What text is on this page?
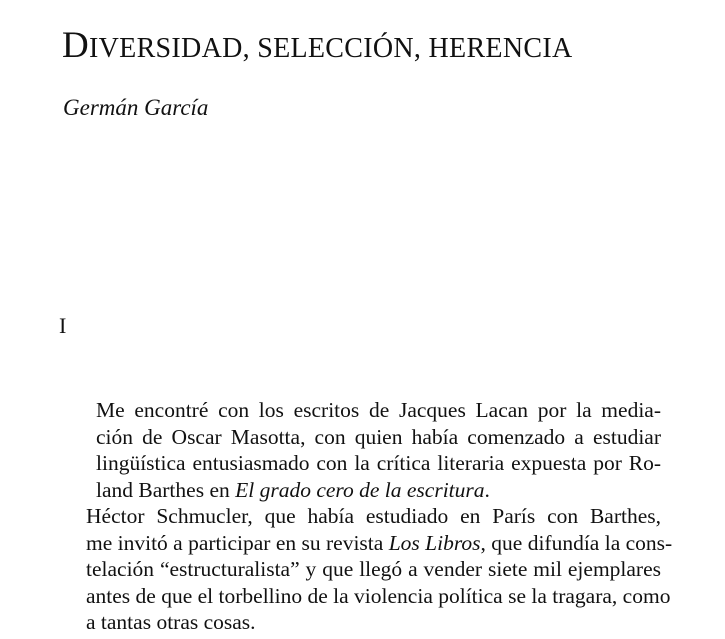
DIVERSIDAD, SELECCIÓN, HERENCIA

Germán García

I

Me encontré con los escritos de Jacques Lacan por la media-
ción de Oscar Masotta, con quien había comenzado a estudiar
lingüística entusiasmado con la crítica literaria expuesta por Ro-
land Barthes en El grado cero de la escritura.

Héctor Schmucler, que había estudiado en París con Barthes,
me invitó a participar en su revista Los Libros, que difundía la cons-
telación “estructuralista” y que llegó a vender siete mil ejemplares
antes de que el torbellino de la violencia política se la tragara, como
a tantas otras cosas.
